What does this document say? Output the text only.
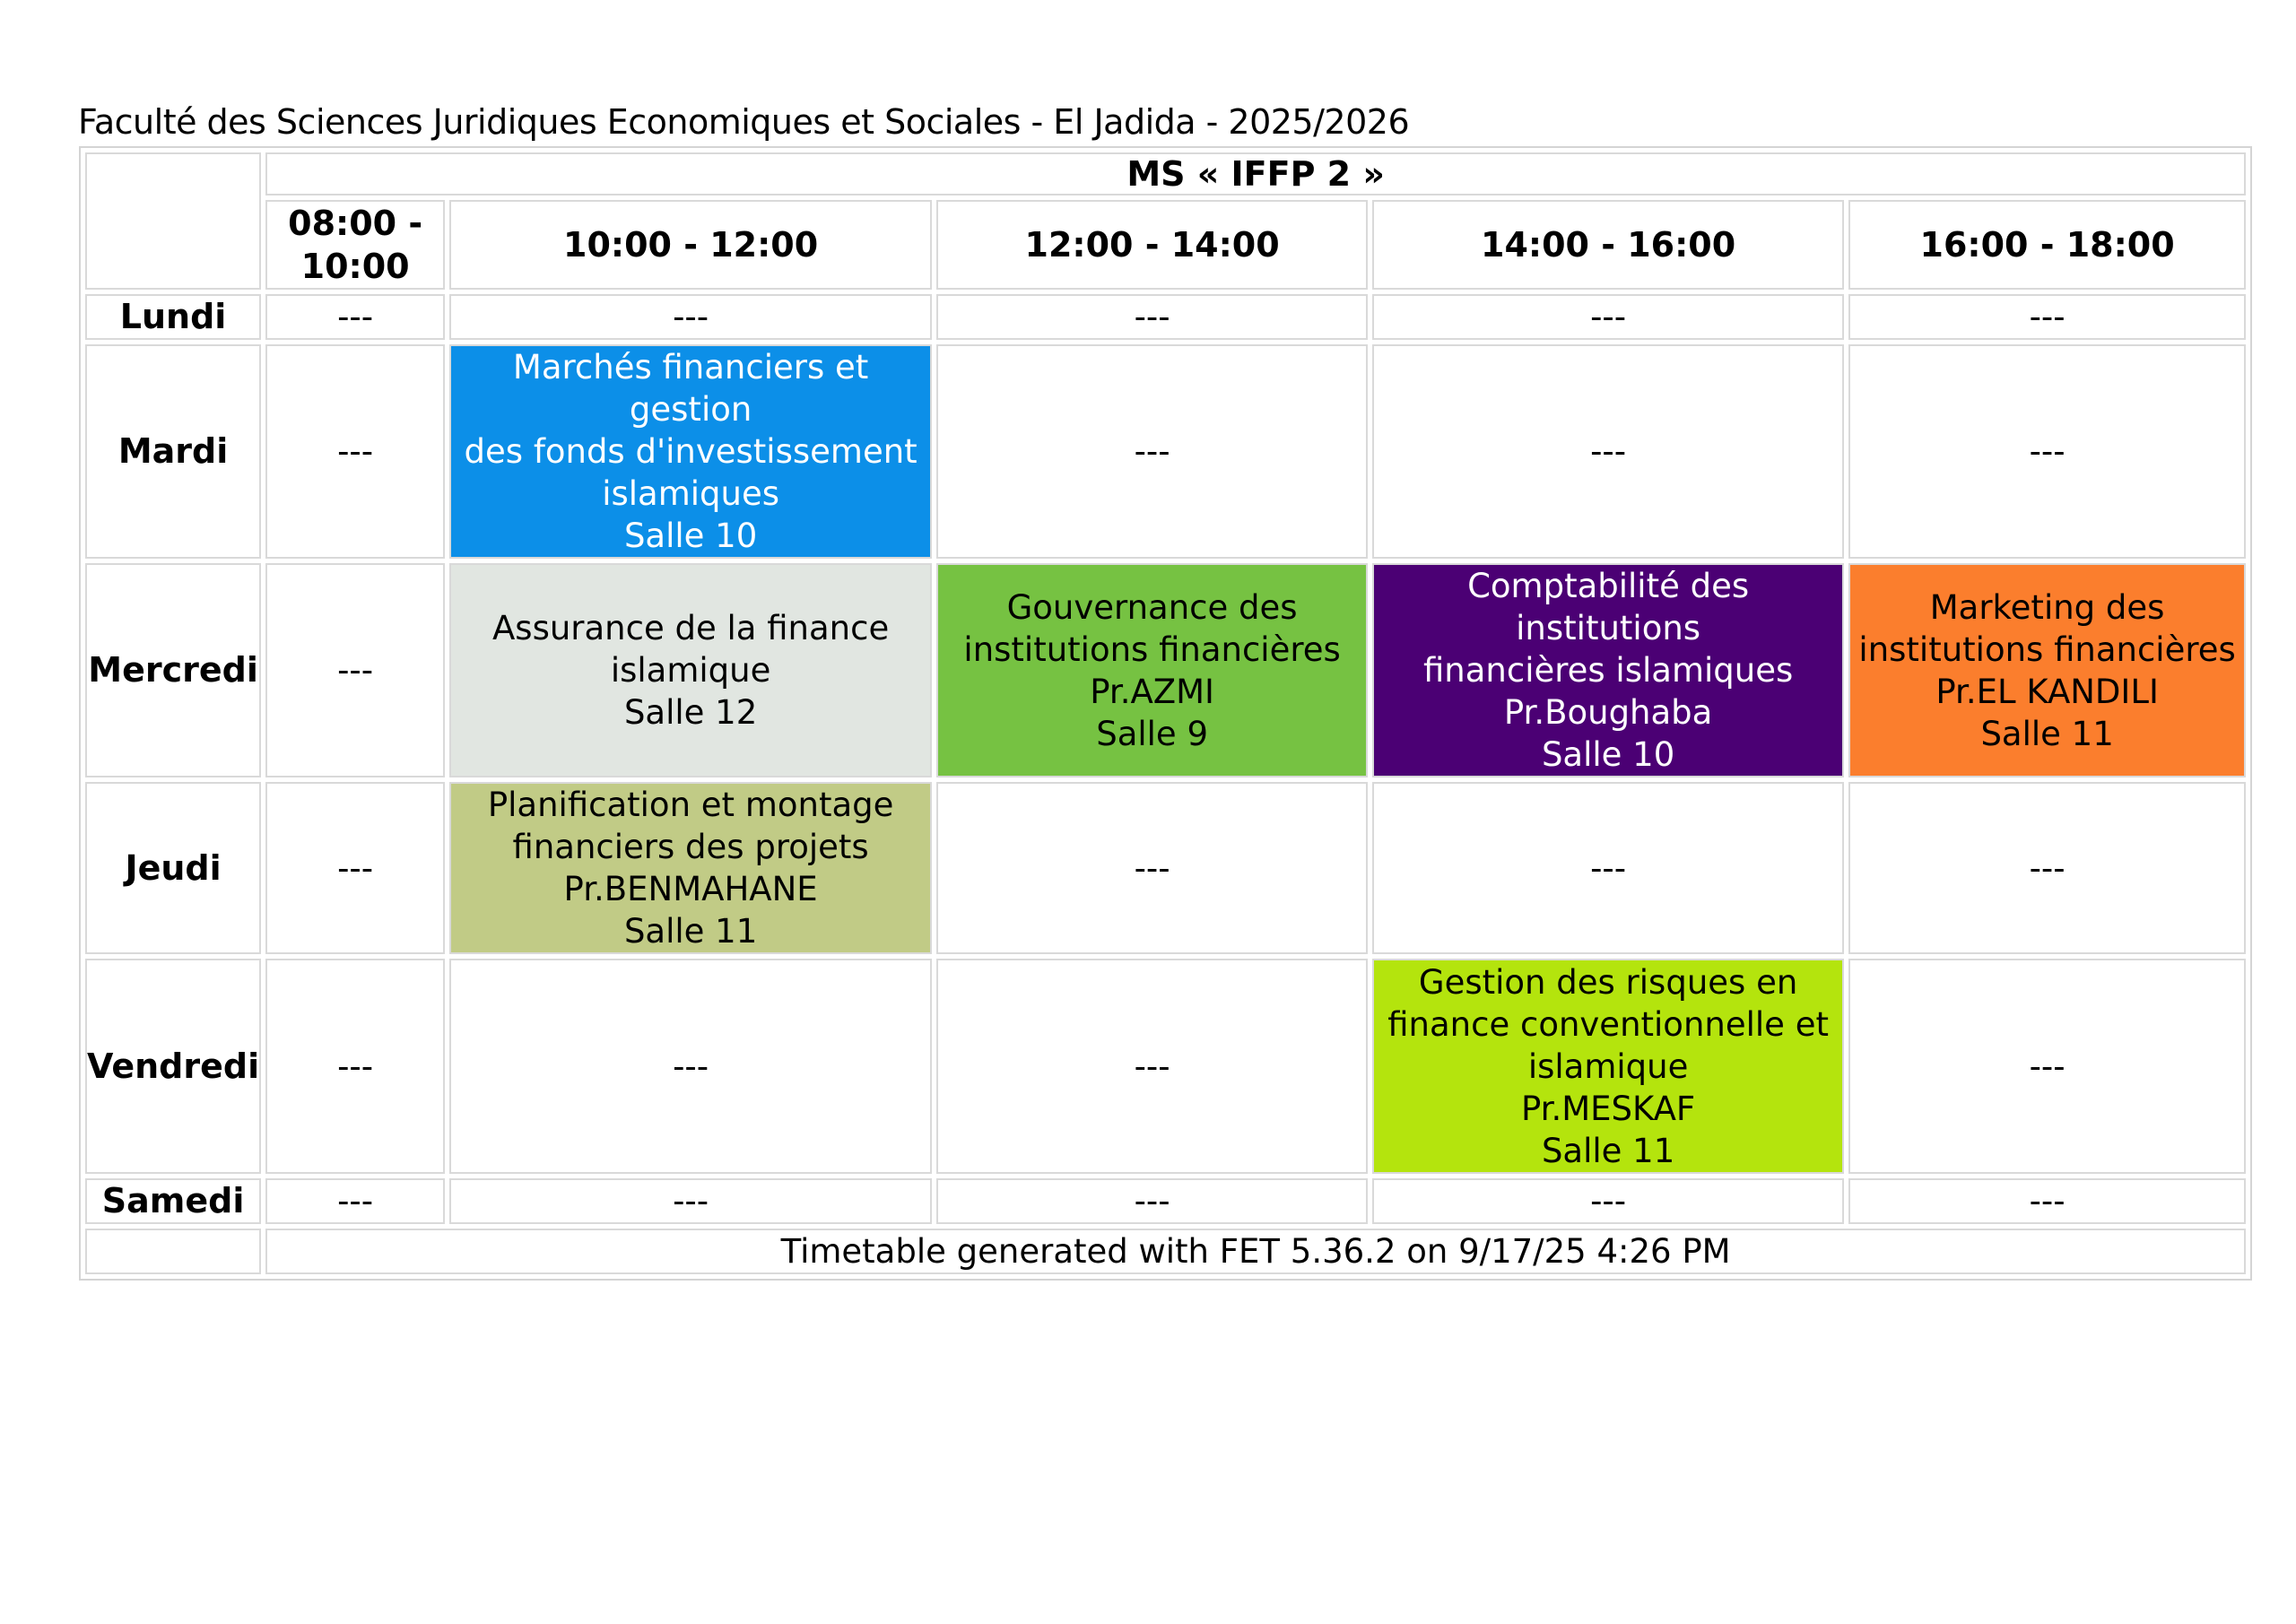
Faculté des Sciences Juridiques Economiques et Sociales - El Jadida - 2025/2026
	MS « IFFP 2 »				
	08:00 -
10:00	10:00 - 12:00	12:00 - 14:00	14:00 - 16:00	16:00 - 18:00
Lundi	---	---	---	---	---
Mardi	---	Marchés financiers et gestion
des fonds d'investissement
islamiques
Salle 10	---	---	---
Mercredi	---	Assurance de la finance
islamique
Salle 12	Gouvernance des
institutions financières
Pr.AZMI
Salle 9	Comptabilité des institutions
financières islamiques
Pr.Boughaba
Salle 10	Marketing des
institutions financières
Pr.EL KANDILI
Salle 11

Jeudi	---	Planification et montage
financiers des projets
Pr.BENMAHANE
Salle 11	---	---	---
Vendredi	---	---	---	Gestion des risques en
finance conventionnelle et
islamique
Pr.MESKAF
Salle 11	---
Samedi	---	---	---	---	---
	Timetable generated with FET 5.36.2 on 9/17/25 4:26 PM				
